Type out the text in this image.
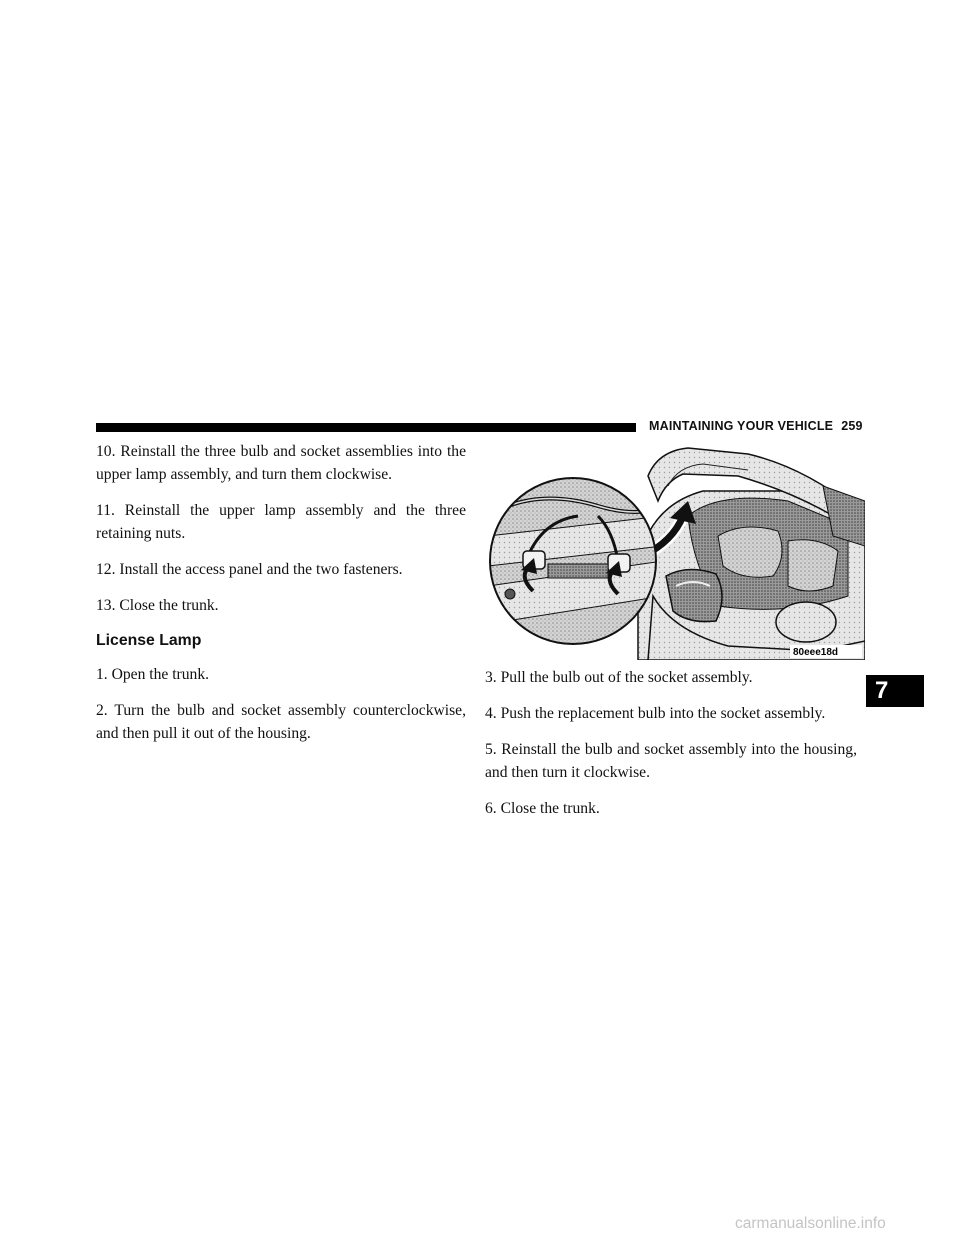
MAINTAINING YOUR VEHICLE 259

10. Reinstall the three bulb and socket assemblies into the upper lamp assembly, and turn them clockwise.

11. Reinstall the upper lamp assembly and the three retaining nuts.

12. Install the access panel and the two fasteners.

13. Close the trunk.

License Lamp

1. Open the trunk.

2. Turn the bulb and socket assembly counterclockwise, and then pull it out of the housing.

80eee18d

3. Pull the bulb out of the socket assembly.

4. Push the replacement bulb into the socket assembly.

5. Reinstall the bulb and socket assembly into the housing, and then turn it clockwise.

6. Close the trunk.

7
carmanualsonline.info
